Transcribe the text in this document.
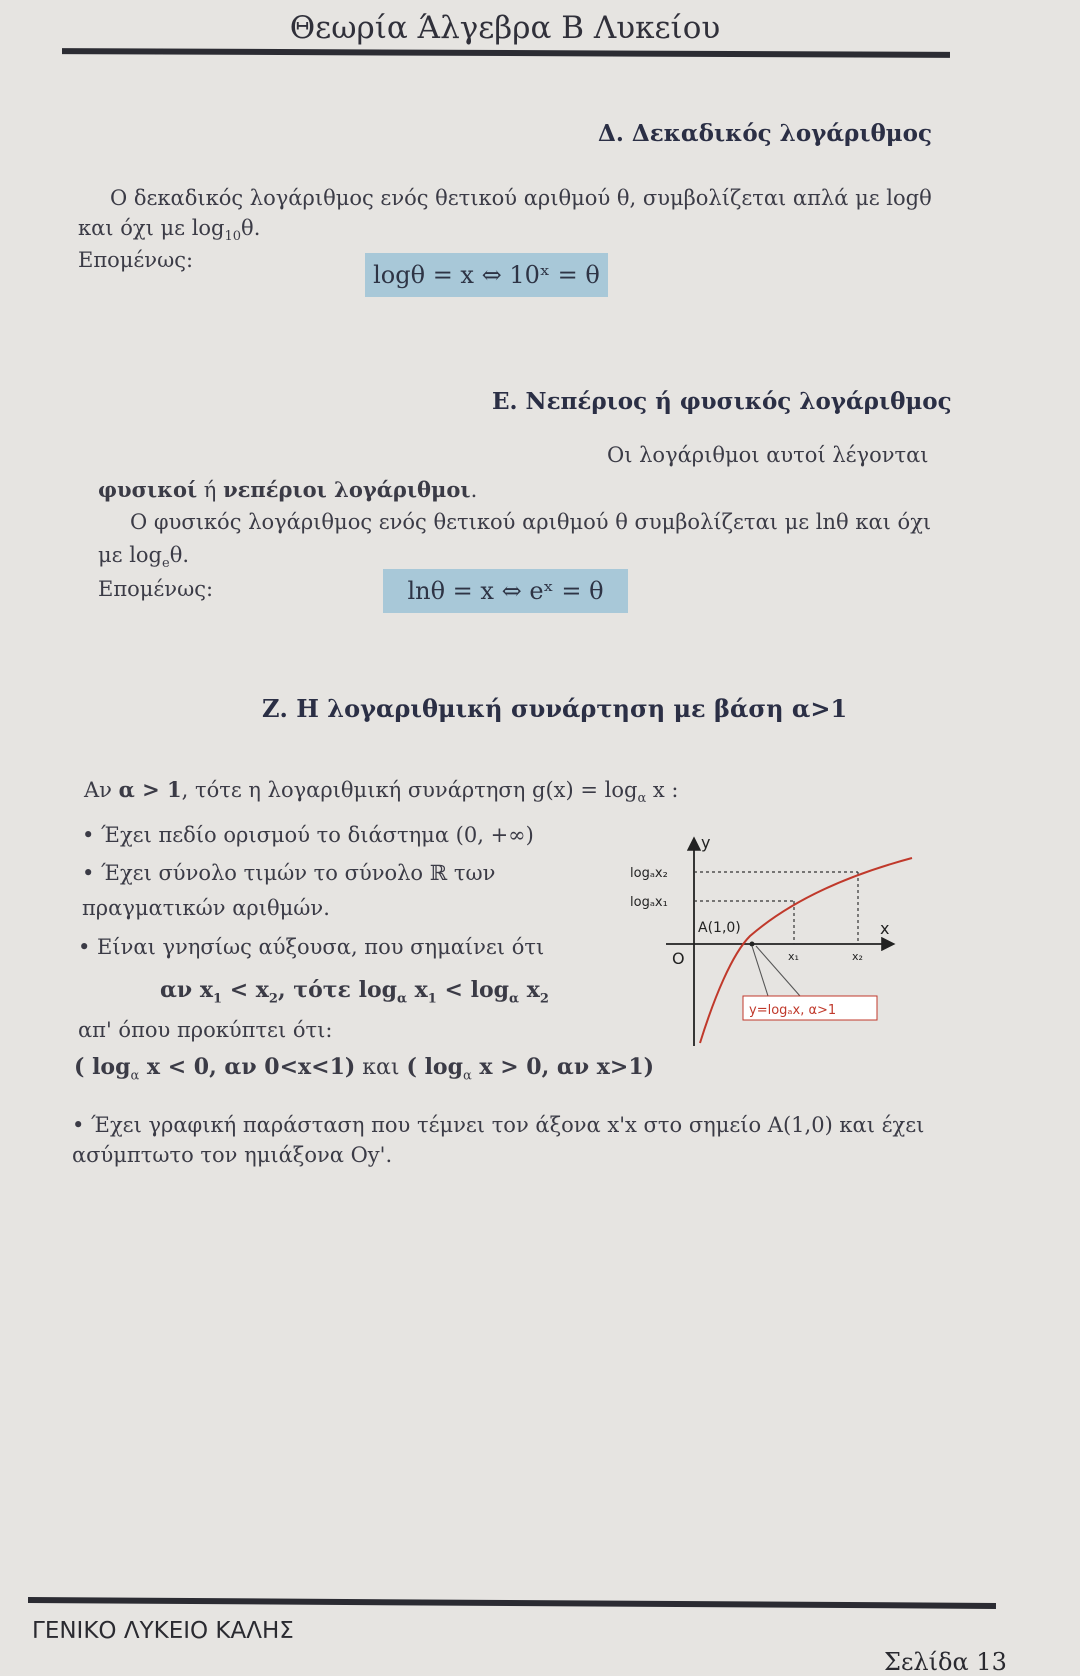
Θεωρία Άλγεβρα Β Λυκείου
Δ. Δεκαδικός λογάριθμος
Ο δεκαδικός λογάριθμος ενός θετικού αριθμού θ, συμβολίζεται απλά με logθ
και όχι με $\log_{10}\theta$.
Επομένως:
logθ = x ⇔ 10ˣ = θ
Ε. Νεπέριος ή φυσικός λογάριθμος
Οι λογάριθμοι αυτοί λέγονται
φυσικοί ή νεπέριοι λογάριθμοι.
Ο φυσικός λογάριθμος ενός θετικού αριθμού θ συμβολίζεται με lnθ και όχι
με $\log_e\theta$.
Επομένως:	lnθ = x ⇔ eˣ = θ
Ζ. Η λογαριθμική συνάρτηση με βάση α>1
Αν α > 1, τότε η λογαριθμική συνάρτηση $g(x) = \log_\alpha x$ :
• Έχει πεδίο ορισμού το διάστημα (0, +∞)
• Έχει σύνολο τιμών το σύνολο ℝ των
πραγματικών αριθμών.
• Είναι γνησίως αύξουσα, που σημαίνει ότι
αν $x_1 < x_2$, τότε $\log_\alpha x_1 < \log_\alpha x_2$
απ' όπου προκύπτει ότι:
( $\log_\alpha x < 0$, αν 0<x<1) και ( $\log_\alpha x > 0$, αν x>1)
• Έχει γραφική παράσταση που τέμνει τον άξονα x'x στο σημείο Α(1,0) και έχει
ασύμπτωτο τον ημιάξονα Oy'.
y
x
O
A(1,0)
logₐx₂
logₐx₁
x₁	x₂
y=logₐx, α>1
ΓΕΝΙΚΟ ΛΥΚΕΙΟ ΚΑΛΗΣ
Σελίδα 13
